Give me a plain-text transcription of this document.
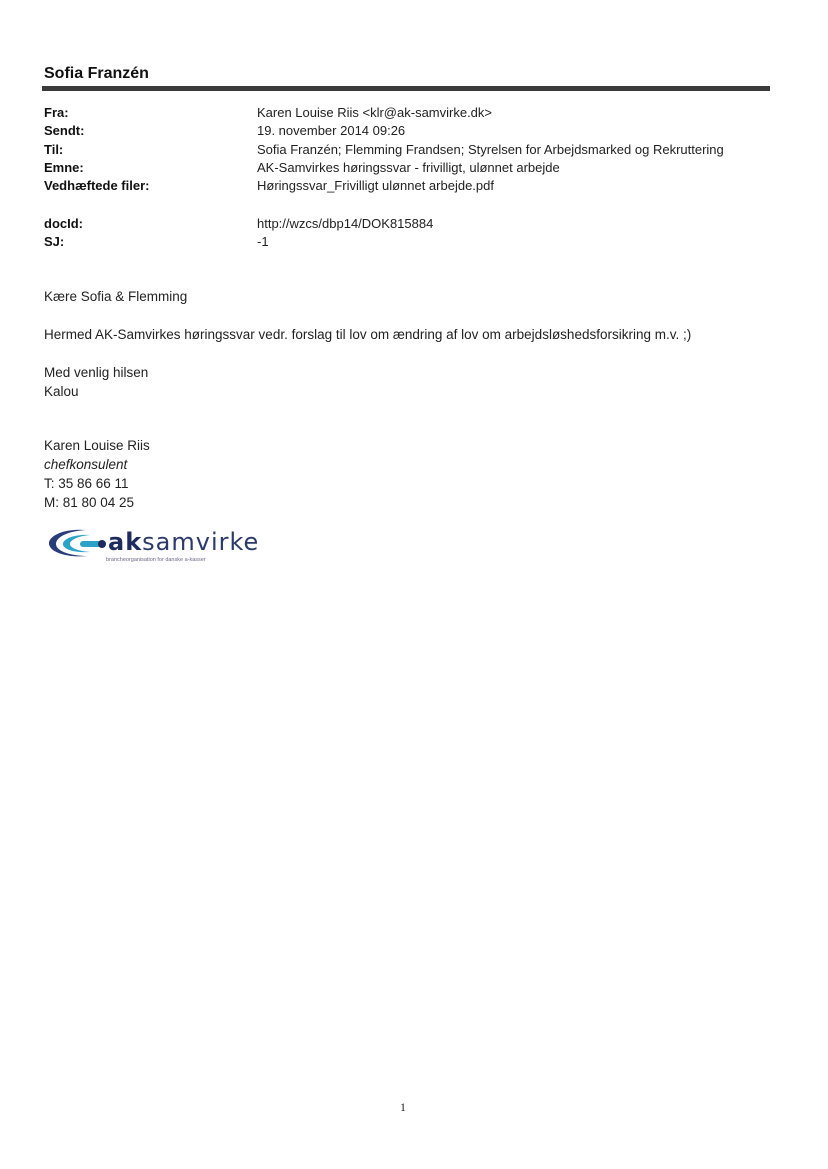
Sofia Franzén
Fra:	Karen Louise Riis <klr@ak-samvirke.dk>
Sendt:	19. november 2014 09:26
Til:	Sofia Franzén; Flemming Frandsen; Styrelsen for Arbejdsmarked og Rekruttering
Emne:	AK-Samvirkes høringssvar - frivilligt, ulønnet arbejde
Vedhæftede filer:	Høringssvar_Frivilligt ulønnet arbejde.pdf
docId:	http://wzcs/dbp14/DOK815884
SJ:	-1
Kære Sofia & Flemming
Hermed AK-Samvirkes høringssvar vedr. forslag til lov om ændring af lov om arbejdsløshedsforsikring m.v. ;)
Med venlig hilsen
Kalou
Karen Louise Riis
chefkonsulent
T: 35 86 66 11
M: 81 80 04 25
aksamvirke
brancheorganisation for danske a-kasser
1
